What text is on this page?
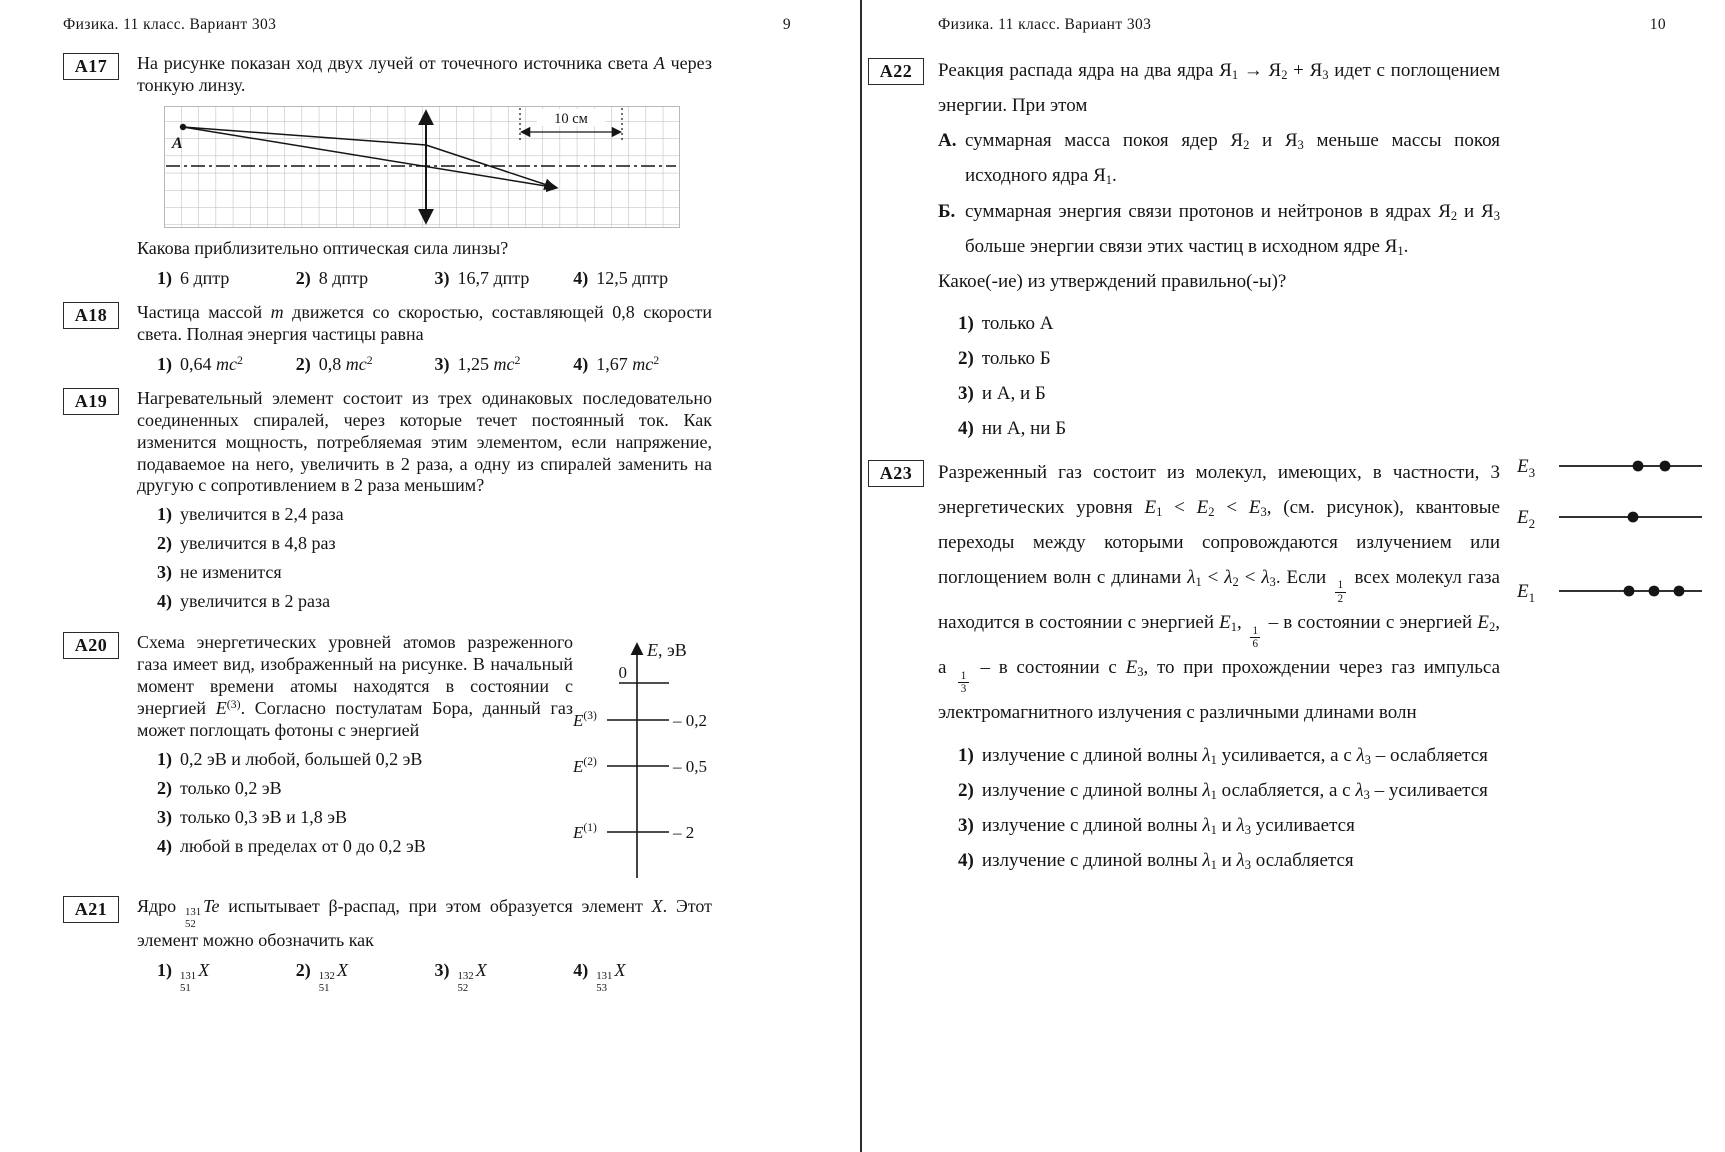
Физика. 11 класс. Вариант 303	9
А17	На рисунке показан ход двух лучей от точечного источника света A через тонкую линзу.

10 см
A

Какова приблизительно оптическая сила линзы?

1) 6 дптр	2) 8 дптр	3) 16,7 дптр 4) 12,5 дптр
А18	Частица массой m движется со скоростью, составляющей 0,8 скорости света. Полная энергия частицы равна

1) 0,64 $mc^2$	2) 0,8 $mc^2$	3) 1,25 $mc^2$	4) 1,67 $mc^2$
А19	Нагревательный элемент состоит из трех одинаковых последовательно соединенных спиралей, через которые течет постоянный ток. Как изменится мощность, потребляемая этим элементом, если напряжение, подаваемое на него, увеличить в 2 раза, а одну из спиралей заменить на другую с сопротивлением в 2 раза меньшим?

1) увеличится в 2,4 раза
2) увеличится в 4,8 раз
3) не изменится
4) увеличится в 2 раза
А20	Схема энергетических уровней атомов разреженного газа имеет вид, изображенный на рисунке. В начальный момент времени атомы находятся в состоянии с энергией $E^{(3)}$. Согласно постулатам Бора, данный газ может поглощать фотоны с энергией

1) 0,2 эВ и любой, большей 0,2 эВ
2) только 0,2 эВ
3) только 0,3 эВ и 1,8 эВ
4) любой в пределах от 0 до 0,2 эВ
E, эВ
0
$E^{(3)}$	– 0,2
$E^{(2)}$	– 0,5
$E^{(1)}$	– 2
А21	Ядро 131
52
Te испытывает β-распад, при этом образуется элемент X. Этот элемент можно обозначить как

1) 131
51
X	2) 132
51
X	3) 132
52
X	4) 131
53
X
Физика. 11 класс. Вариант 303	10
А22	Реакция распада ядра на два ядра $Я_1 \to Я_2 + Я_3$ идет с поглощением энергии. При этом

А. суммарная масса покоя ядер $Я_2$ и $Я_3$ меньше массы покоя исходного ядра $Я_1$.
Б. суммарная энергия связи протонов и нейтронов в ядрах $Я_2$ и $Я_3$ больше энергии связи этих частиц в исходном ядре $Я_1$.

Какое(-ие) из утверждений правильно(-ы)?

1) только А
2) только Б
3) и А, и Б
4) ни А, ни Б
А23	Разреженный газ состоит из молекул, имеющих, в частности, 3 энергетических уровня $E_1 < E_2 < E_3$, (см. рисунок), квантовые переходы между которыми сопровождаются излучением или поглощением волн с длинами $\lambda_1 < \lambda_2 < \lambda_3$. Если
$\frac{1}{2}$
всех молекул газа находится в состоянии с энергией $E_1$,
$\frac{1}{6}$
– в состоянии с энергией $E_2$, а
$\frac{1}{3}$
– в состоянии с $E_3$, то при прохождении через газ импульса электромагнитного излучения с различными длинами волн

1) излучение с длиной волны $\lambda_1$ усиливается, а с $\lambda_3$ – ослабляется
2) излучение с длиной волны $\lambda_1$ ослабляется, а с $\lambda_3$ – усиливается
3) излучение с длиной волны $\lambda_1$ и $\lambda_3$ усиливается
4) излучение с длиной волны $\lambda_1$ и $\lambda_3$ ослабляется
$E_3$
$E_2$
$E_1$
